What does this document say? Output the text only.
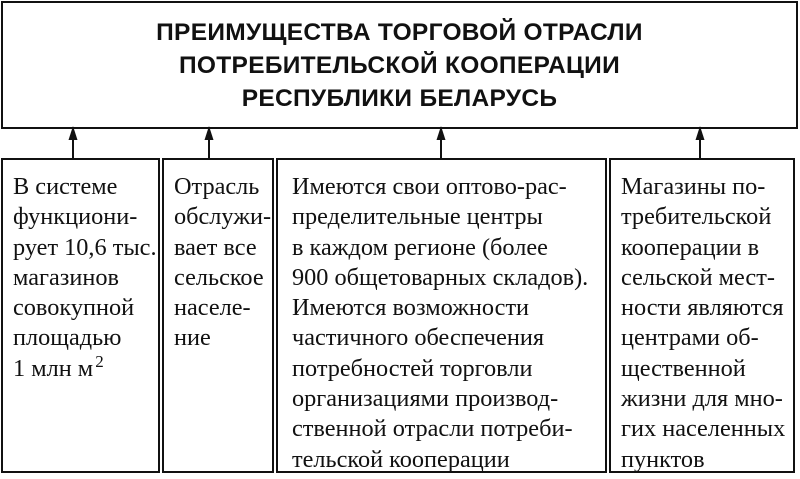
ПРЕИМУЩЕСТВА ТОРГОВОЙ ОТРАСЛИ
ПОТРЕБИТЕЛЬСКОЙ КООПЕРАЦИИ
РЕСПУБЛИКИ БЕЛАРУСЬ
В системе
функциони-
рует 10,6 тыс.
магазинов
совокупной
площадью
1 млн м $^2$
Отрасль
обслужи-
вает все
сельское
населе-
ние
Имеются свои оптово-рас-
пределительные центры
в каждом регионе (более
900 общетоварных складов).
Имеются возможности
частичного обеспечения
потребностей торговли
организациями производ-
ственной отрасли потреби-
тельской кооперации
Магазины по-
требительской
кооперации в
сельской мест-
ности являются
центрами об-
щественной
жизни для мно-
гих населенных
пунктов
